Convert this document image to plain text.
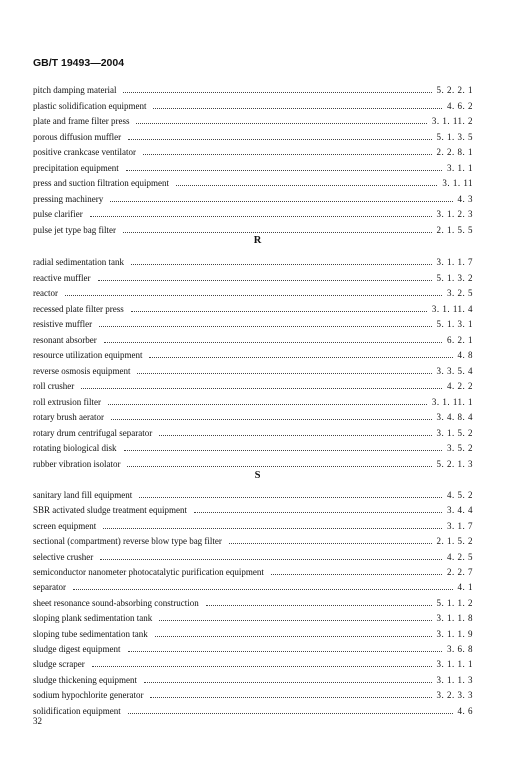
GB/T 19493—2004
pitch damping material	5. 2. 2. 1
plastic solidification equipment	4. 6. 2
plate and frame filter press	3. 1. 11. 2
porous diffusion muffler	5. 1. 3. 5
positive crankcase ventilator	2. 2. 8. 1
precipitation equipment	3. 1. 1
press and suction filtration equipment	3. 1. 11
pressing machinery	4. 3
pulse clarifier	3. 1. 2. 3
pulse jet type bag filter	2. 1. 5. 5
R
radial sedimentation tank	3. 1. 1. 7
reactive muffler	5. 1. 3. 2
reactor	3. 2. 5
recessed plate filter press	3. 1. 11. 4
resistive muffler	5. 1. 3. 1
resonant absorber	6. 2. 1
resource utilization equipment	4. 8
reverse osmosis equipment	3. 3. 5. 4
roll crusher	4. 2. 2
roll extrusion filter	3. 1. 11. 1
rotary brush aerator	3. 4. 8. 4
rotary drum centrifugal separator	3. 1. 5. 2
rotating biological disk	3. 5. 2
rubber vibration isolator	5. 2. 1. 3
S
sanitary land fill equipment	4. 5. 2
SBR activated sludge treatment equipment	3. 4. 4
screen equipment	3. 1. 7
sectional (compartment) reverse blow type bag filter	2. 1. 5. 2
selective crusher	4. 2. 5
semiconductor nanometer photocatalytic purification equipment	2. 2. 7
separator	4. 1
sheet resonance sound-absorbing construction	5. 1. 1. 2
sloping plank sedimentation tank	3. 1. 1. 8
sloping tube sedimentation tank	3. 1. 1. 9
sludge digest equipment	3. 6. 8
sludge scraper	3. 1. 1. 1
sludge thickening equipment	3. 1. 1. 3
sodium hypochlorite generator	3. 2. 3. 3
solidification equipment	4. 6
32
